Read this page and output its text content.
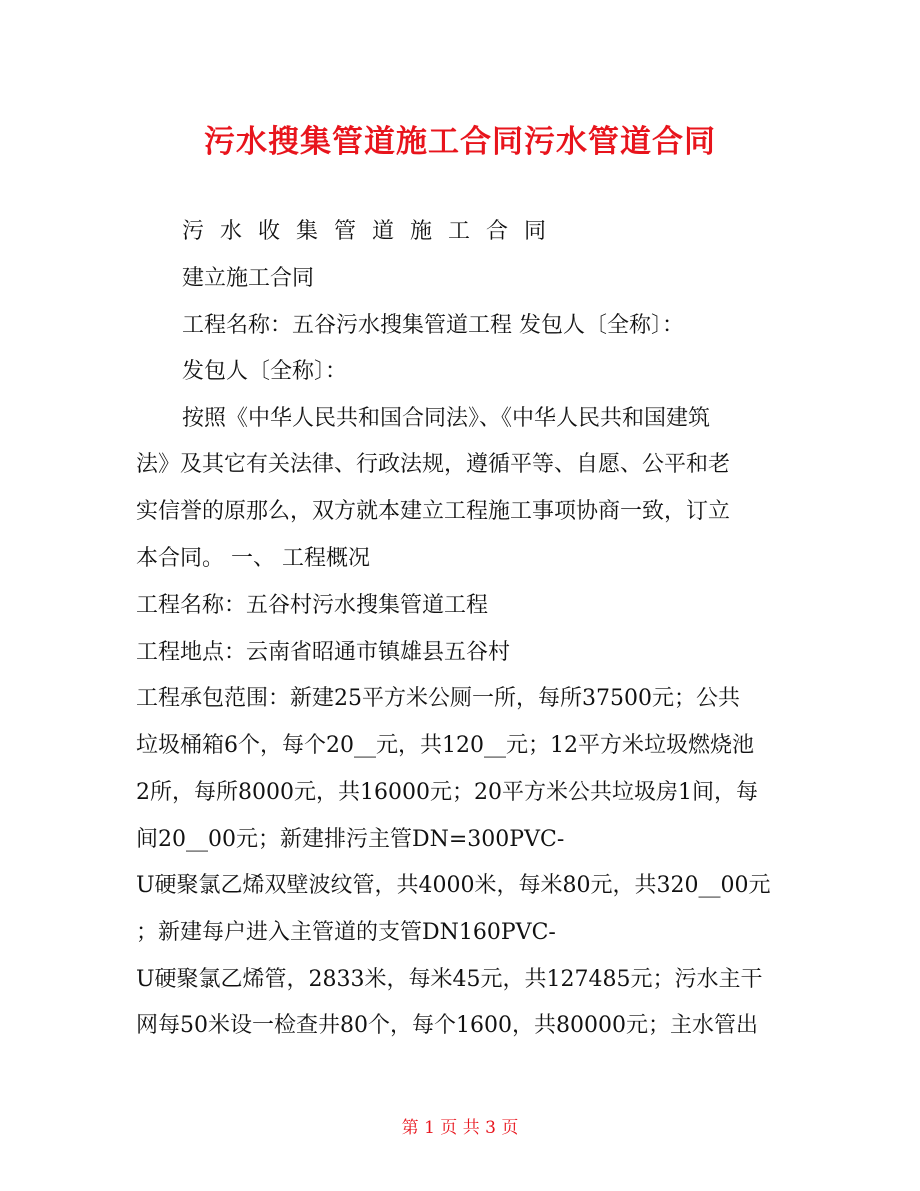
污水搜集管道施工合同污水管道合同
污水收集管道施工合同
建立施工合同
工程名称：五谷污水搜集管道工程 发包人〔全称〕：
发包人〔全称〕：
按照《中华人民共和国合同法》、《中华人民共和国建筑
法》及其它有关法律、行政法规，遵循平等、自愿、公平和老
实信誉的原那么，双方就本建立工程施工事项协商一致，订立
本合同。 一、 工程概况
工程名称：五谷村污水搜集管道工程
工程地点：云南省昭通市镇雄县五谷村
工程承包范围：新建25平方米公厕一所，每所37500元；公共
垃圾桶箱6个，每个20__元，共120__元；12平方米垃圾燃烧池
2所，每所8000元，共16000元；20平方米公共垃圾房1间，每
间20__00元；新建排污主管DN=300PVC-
U硬聚氯乙烯双壁波纹管，共4000米，每米80元，共320__00元
；新建每户进入主管道的支管DN160PVC-
U硬聚氯乙烯管，2833米，每米45元，共127485元；污水主干
网每50米设一检查井80个，每个1600，共80000元；主水管出
第 1 页 共 3 页
